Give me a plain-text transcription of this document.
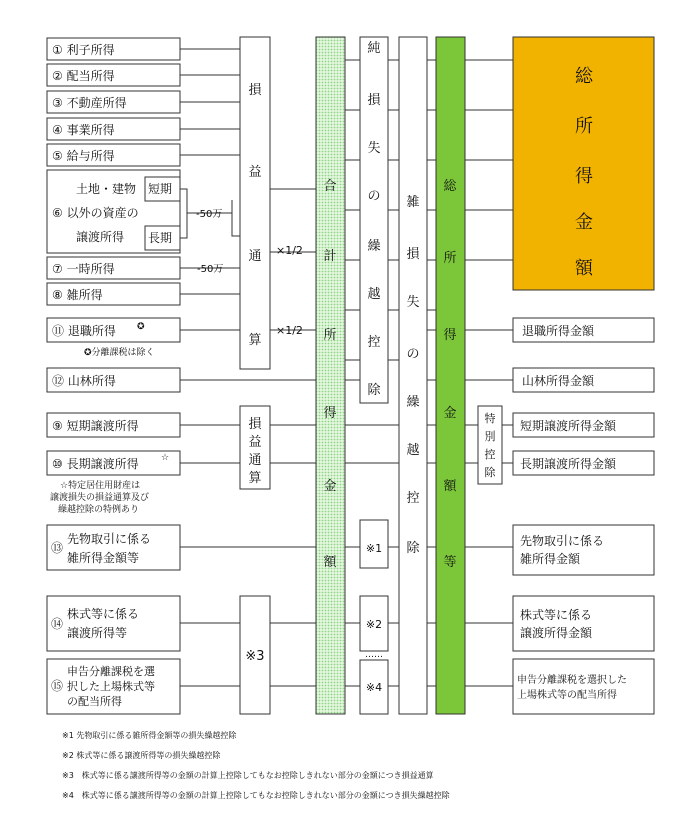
① 利子所得
② 配当所得
③ 不動産所得
④ 事業所得
⑤ 給与所得
土地・建物
⑥ 以外の資産の
譲渡所得
短期
長期
⑦ 一時所得
⑧ 雑所得
⑪ 退職所得 ✪
✪分離課税は除く
⑫ 山林所得
⑨ 短期譲渡所得
⑩ 長期譲渡所得 ☆
☆特定居住用財産は
譲渡損失の損益通算及び
繰越控除の特例あり
⑬
先物取引に係る
雑所得金額等
⑭
株式等に係る
譲渡所得等
⑮
申告分離課税を選
択した上場株式等
の配当所得
-50万
-50万
×1/2
×1/2
損
益
通
算
損
益
通
算
※3
合
計
所
得
金
額
純
損
失
の
繰
越
控
除
※1
※2
……
※4
雑
損
失
の
繰
越
控
除
総
所
得
金
額
等
特
別
控
除
総
所
得
金
額
退職所得金額
山林所得金額
短期譲渡所得金額
長期譲渡所得金額
先物取引に係る
雑所得金額
株式等に係る
譲渡所得金額
申告分離課税を選択した
上場株式等の配当所得
※1 先物取引に係る雑所得金額等の損失繰越控除
※2 株式等に係る譲渡所得等の損失繰越控除
※3　株式等に係る譲渡所得等の金額の計算上控除してもなお控除しきれない部分の金額につき損益通算
※4　株式等に係る譲渡所得等の金額の計算上控除してもなお控除しきれない部分の金額につき損失繰越控除
